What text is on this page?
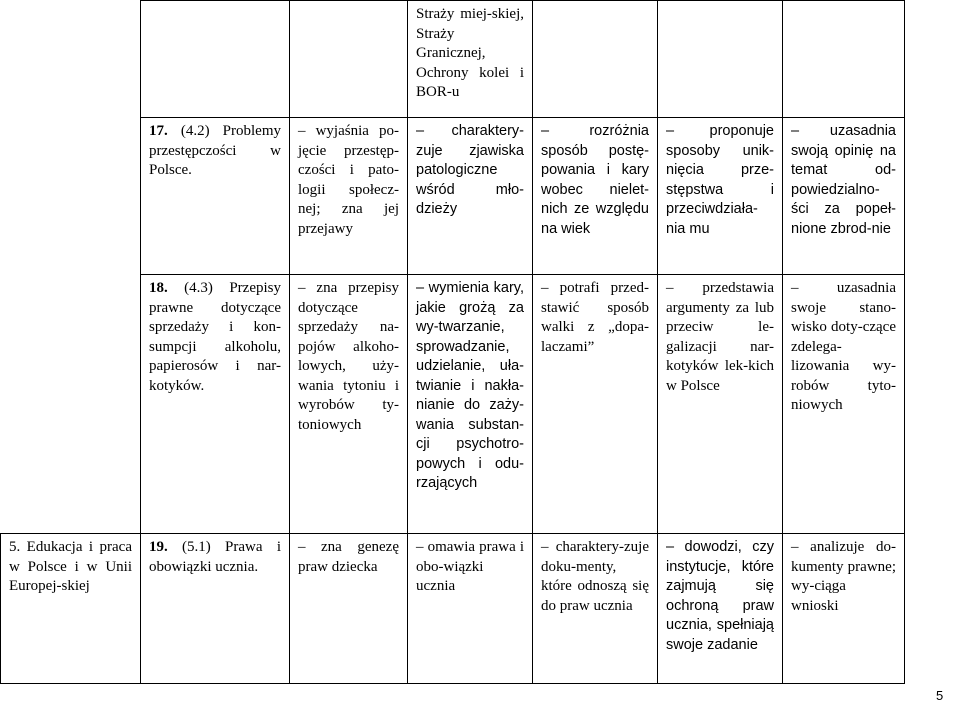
			Straży miej-skiej, Straży Granicznej, Ochrony kolei i BOR-u			
	17. (4.2) Problemy przestępczości w Polsce.	– wyjaśnia po-jęcie przestęp-czości i pato-logii społecz-nej; zna jej przejawy	– charaktery-zuje zjawiska patologiczne wśród mło-dzieży	– rozróżnia sposób postę-powania i kary wobec nielet-nich ze względu na wiek	– proponuje sposoby unik-nięcia prze-stępstwa i przeciwdziała-nia mu	– uzasadnia swoją opinię na temat od-powiedzialno-ści za popeł-nione zbrod-nie
	18. (4.3) Przepisy prawne dotyczące sprzedaży i kon-sumpcji alkoholu, papierosów i nar-kotyków.	– zna przepisy dotyczące sprzedaży na-pojów alkoho-lowych, uży-wania tytoniu i wyrobów ty-toniowych	– wymienia kary, jakie grożą za wy-twarzanie, sprowadzanie, udzielanie, uła-twianie i nakła-nianie do zaży-wania substan-cji psychotro-powych i odu-rzających	– potrafi przed-stawić sposób walki z „dopa-laczami”	– przedstawia argumenty za lub przeciw le-galizacji nar-kotyków lek-kich w Polsce	– uzasadnia swoje stano-wisko doty-czące zdelega-lizowania wy-robów tyto-niowych
5. Edukacja i praca w Polsce i w Unii Europej-skiej	19. (5.1) Prawa i obowiązki ucznia.	– zna genezę praw dziecka	– omawia prawa i obo-wiązki ucznia	– charaktery-zuje doku-menty, które odnoszą się do praw ucznia	– dowodzi, czy instytucje, które zajmują się ochroną praw ucznia, spełniają swoje zadanie	– analizuje do-kumenty prawne; wy-ciąga wnioski
5
